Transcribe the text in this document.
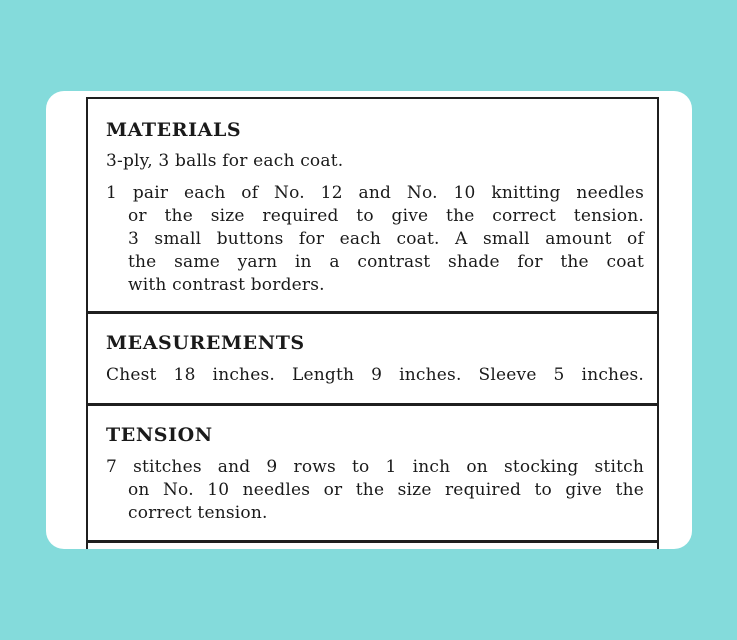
MATERIALS
3-ply, 3 balls for each coat.
1 pair each of No. 12 and No. 10 knitting needles
or the size required to give the correct tension.
3 small buttons for each coat. A small amount of
the same yarn in a contrast shade for the coat
with contrast borders.
MEASUREMENTS
Chest 18 inches. Length 9 inches. Sleeve 5 inches.
TENSION
7 stitches and 9 rows to 1 inch on stocking stitch
on No. 10 needles or the size required to give the
correct tension.
